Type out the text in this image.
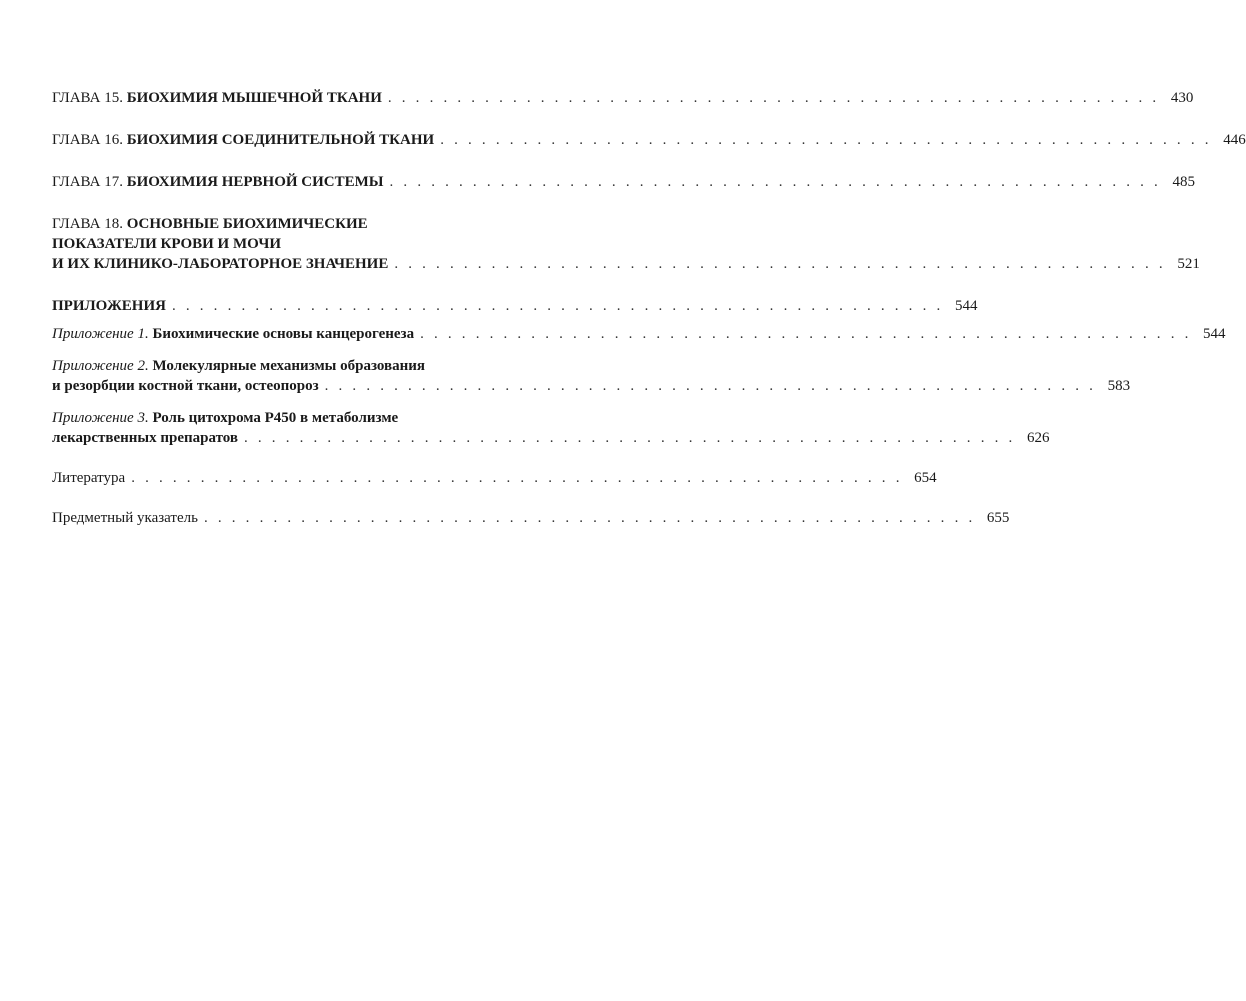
ГЛАВА 15. БИОХИМИЯ МЫШЕЧНОЙ ТКАНИ . . . . . . . . . . . . . . . . . . . . . . . . . . . . . . . . . . . . . . . . . . . . . . . . . . . . . . . . 430
ГЛАВА 16. БИОХИМИЯ СОЕДИНИТЕЛЬНОЙ ТКАНИ . . . . . . . . . . . . . . . . . . . . . . . . . . . . . . . . . . . . . . . . . . . . . . . . . . . . . . . . 446
ГЛАВА 17. БИОХИМИЯ НЕРВНОЙ СИСТЕМЫ . . . . . . . . . . . . . . . . . . . . . . . . . . . . . . . . . . . . . . . . . . . . . . . . . . . . . . . . 485
ГЛАВА 18. ОСНОВНЫЕ БИОХИМИЧЕСКИЕ
ПОКАЗАТЕЛИ КРОВИ И МОЧИ
И ИХ КЛИНИКО-ЛАБОРАТОРНОЕ ЗНАЧЕНИЕ . . . . . . . . . . . . . . . . . . . . . . . . . . . . . . . . . . . . . . . . . . . . . . . . . . . . . . . . 521
ПРИЛОЖЕНИЯ . . . . . . . . . . . . . . . . . . . . . . . . . . . . . . . . . . . . . . . . . . . . . . . . . . . . . . . . 544
Приложение 1. Биохимические основы канцерогенеза . . . . . . . . . . . . . . . . . . . . . . . . . . . . . . . . . . . . . . . . . . . . . . . . . . . . . . . . 544
Приложение 2. Молекулярные механизмы образования
и резорбции костной ткани, остеопороз . . . . . . . . . . . . . . . . . . . . . . . . . . . . . . . . . . . . . . . . . . . . . . . . . . . . . . . . 583
Приложение 3. Роль цитохрома Р450 в метаболизме
лекарственных препаратов . . . . . . . . . . . . . . . . . . . . . . . . . . . . . . . . . . . . . . . . . . . . . . . . . . . . . . . . 626
Литература . . . . . . . . . . . . . . . . . . . . . . . . . . . . . . . . . . . . . . . . . . . . . . . . . . . . . . . . 654
Предметный указатель . . . . . . . . . . . . . . . . . . . . . . . . . . . . . . . . . . . . . . . . . . . . . . . . . . . . . . . . 655
